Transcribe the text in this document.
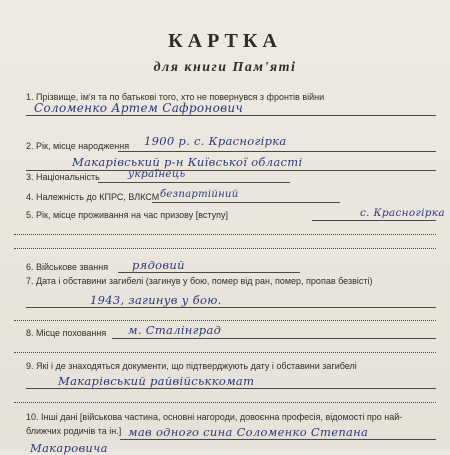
КАРТКА
для книги Пам'яті
1. Прізвище, ім'я та по батькові того, хто не повернувся з фронтів війни
Соломенко Артем Сафронович
2. Рік, місце народження 1900 р. с. Красногірка
Макарівський р-н Київської області
3. Національність	українець
4. Належність до КПРС, ВЛКСМ безпартійний
5. Рік, місце проживання на час призову [вступу]	с. Красногірка
6. Військове звання рядовий
7. Дата і обставини загибелі (загинув у бою, помер від ран, помер, пропав безвісті)
1943, загинув у бою.
8. Місце поховання м. Сталінград
9. Які і де знаходяться документи, що підтверджують дату і обставини загибелі
Макарівський райвійськкомат
10. Інші дані [військова частина, основні нагороди, довоєнна професія, відомості про най-
ближчих родичів та ін.] мав одного сина Соломенко Степана
Макаровича
